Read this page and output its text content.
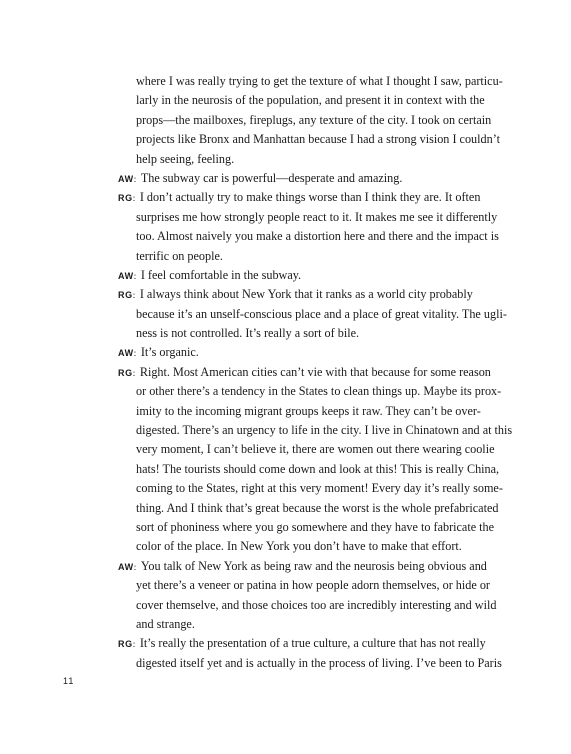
where I was really trying to get the texture of what I thought I saw, particu-
larly in the neurosis of the population, and present it in context with the
props—the mailboxes, fireplugs, any texture of the city. I took on certain
projects like Bronx and Manhattan because I had a strong vision I couldn’t
help seeing, feeling.
AW: The subway car is powerful—desperate and amazing.
RG: I don’t actually try to make things worse than I think they are. It often
surprises me how strongly people react to it. It makes me see it differently
too. Almost naively you make a distortion here and there and the impact is
terrific on people.
AW: I feel comfortable in the subway.
RG: I always think about New York that it ranks as a world city probably
because it’s an unself-conscious place and a place of great vitality. The ugli-
ness is not controlled. It’s really a sort of bile.
AW: It’s organic.
RG: Right. Most American cities can’t vie with that because for some reason
or other there’s a tendency in the States to clean things up. Maybe its prox-
imity to the incoming migrant groups keeps it raw. They can’t be over-
digested. There’s an urgency to life in the city. I live in Chinatown and at this
very moment, I can’t believe it, there are women out there wearing coolie
hats! The tourists should come down and look at this! This is really China,
coming to the States, right at this very moment! Every day it’s really some-
thing. And I think that’s great because the worst is the whole prefabricated
sort of phoniness where you go somewhere and they have to fabricate the
color of the place. In New York you don’t have to make that effort.
AW: You talk of New York as being raw and the neurosis being obvious and
yet there’s a veneer or patina in how people adorn themselves, or hide or
cover themselve, and those choices too are incredibly interesting and wild
and strange.
RG: It’s really the presentation of a true culture, a culture that has not really
digested itself yet and is actually in the process of living. I’ve been to Paris
11
